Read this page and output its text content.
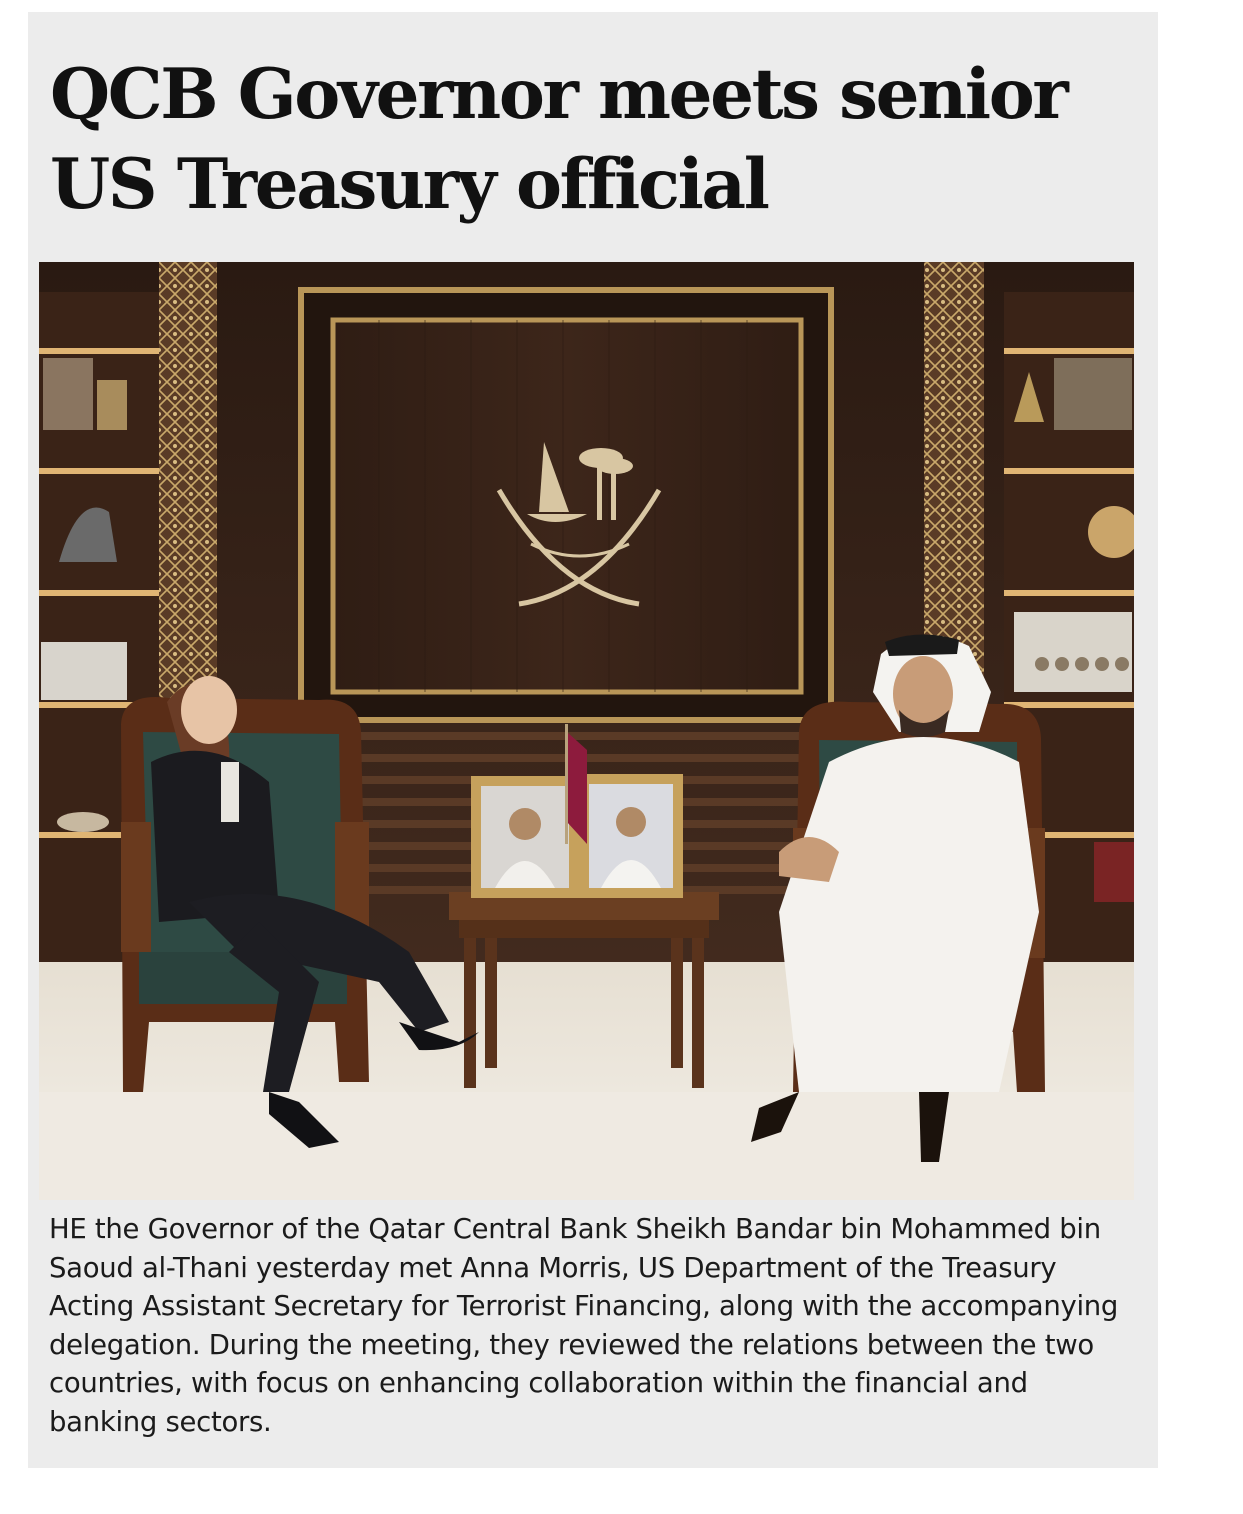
QCB Governor meets senior US Treasury official

HE the Governor of the Qatar Central Bank Sheikh Bandar bin Mohammed bin Saoud al-Thani yesterday met Anna Morris, US Department of the Treasury Acting Assistant Secretary for Terrorist Financing, along with the accompanying delegation. During the meeting, they reviewed the relations between the two countries, with focus on enhancing collaboration within the financial and banking sectors.
